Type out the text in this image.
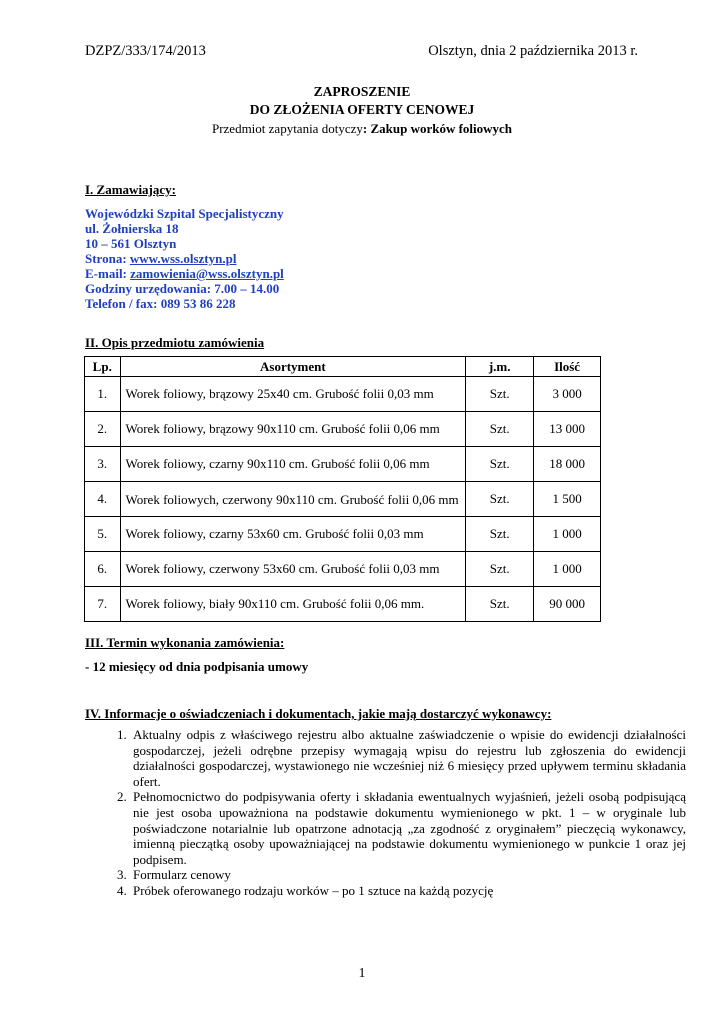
DZPZ/333/174/2013	Olsztyn, dnia 2 października 2013 r.
ZAPROSZENIE
DO ZŁOŻENIA OFERTY CENOWEJ
Przedmiot zapytania dotyczy: Zakup worków foliowych
I. Zamawiający:
Wojewódzki Szpital Specjalistyczny
ul. Żołnierska 18
10 – 561 Olsztyn
Strona: www.wss.olsztyn.pl
E-mail: zamowienia@wss.olsztyn.pl
Godziny urzędowania: 7.00 – 14.00
Telefon / fax: 089 53 86 228
II. Opis przedmiotu zamówienia
Lp.	Asortyment	j.m.	Ilość
1.	Worek foliowy, brązowy 25x40 cm. Grubość folii 0,03 mm	Szt.	3 000
2.	Worek foliowy, brązowy 90x110 cm. Grubość folii 0,06 mm	Szt.	13 000
3.	Worek foliowy, czarny 90x110 cm. Grubość folii 0,06 mm	Szt.	18 000
4.	Worek foliowych, czerwony 90x110 cm. Grubość folii 0,06 mm	Szt.	1 500
5.	Worek foliowy, czarny 53x60 cm. Grubość folii 0,03 mm	Szt.	1 000
6.	Worek foliowy, czerwony 53x60 cm. Grubość folii 0,03 mm	Szt.	1 000
7.	Worek foliowy, biały 90x110 cm. Grubość folii 0,06 mm.	Szt.	90 000
III. Termin wykonania zamówienia:
- 12 miesięcy od dnia podpisania umowy
IV. Informacje o oświadczeniach i dokumentach, jakie mają dostarczyć wykonawcy:
1. Aktualny odpis z właściwego rejestru albo aktualne zaświadczenie o wpisie do ewidencji działalności gospodarczej, jeżeli odrębne przepisy wymagają wpisu do rejestru lub zgłoszenia do ewidencji działalności gospodarczej, wystawionego nie wcześniej niż 6 miesięcy przed upływem terminu składania ofert.
2. Pełnomocnictwo do podpisywania oferty i składania ewentualnych wyjaśnień, jeżeli osobą podpisującą nie jest osoba upoważniona na podstawie dokumentu wymienionego w pkt. 1 – w oryginale lub poświadczone notarialnie lub opatrzone adnotacją „za zgodność z oryginałem” pieczęcią wykonawcy, imienną pieczątką osoby upoważniającej na podstawie dokumentu wymienionego w punkcie 1 oraz jej podpisem.
3. Formularz cenowy
4. Próbek oferowanego rodzaju worków – po 1 sztuce na każdą pozycję
1
